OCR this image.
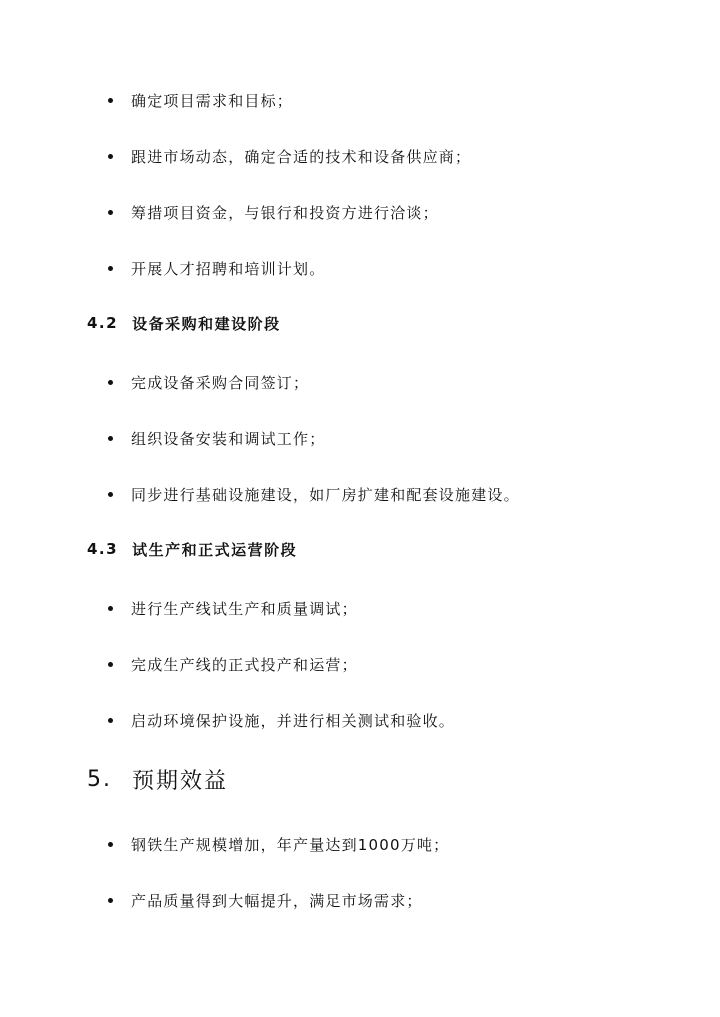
确定项目需求和目标；
跟进市场动态，确定合适的技术和设备供应商；
筹措项目资金，与银行和投资方进行洽谈；
开展人才招聘和培训计划。
4.2 设备采购和建设阶段
完成设备采购合同签订；
组织设备安装和调试工作；
同步进行基础设施建设，如厂房扩建和配套设施建设。
4.3 试生产和正式运营阶段
进行生产线试生产和质量调试；
完成生产线的正式投产和运营；
启动环境保护设施，并进行相关测试和验收。
5. 预期效益
钢铁生产规模增加，年产量达到1000万吨；
产品质量得到大幅提升，满足市场需求；
